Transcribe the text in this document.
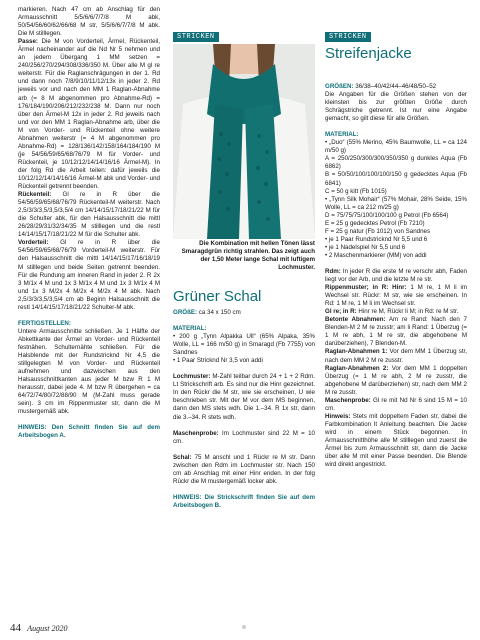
markieren. Nach 47 cm ab Anschlag für den Armausschnitt 5/5/6/6/7/7/8 M abk, 50/54/56/60/62/66/68 M str, 5/5/6/6/7/7/8 M abk. Die M stilllegen.

Passe: Die M von Vorderteil, Ärmel, Rückenteil, Ärmel nacheinander auf die Nd Nr 5 nehmen und an jedem Übergang 1 MM setzen = 240/256/270/294/308/336/350 M. Über alle M gl re weiterstr. Für die Raglanschrägungen in der 1. Rd und dann noch 7/8/9/10/11/12/13x in jeder 2. Rd jeweils vor und nach den MM 1 Raglan-Abnahme arb (= 8 M abgenommen pro Abnahme-Rd) = 176/184/190/206/212/232/238 M. Dann nur noch über den Ärmel-M 12x in jeder 2. Rd jeweils nach und vor den MM 1 Raglan-Abnahme arb, über die M von Vorder- und Rückenteil ohne weitere Abnahmen weiterstr (= 4 M abgenommen pro Abnahme-Rd) = 128/136/142/158/164/184/190 M (je 54/56/59/65/68/76/79 M für Vorder- und Rückenteil, je 10/12/12/14/14/16/16 Ärmel-M). In der folg Rd die Arbeit teilen: dafür jeweils die 10/12/12/14/14/16/16 Ärmel-M abk und Vorder- und Rückenteil getrennt beenden.

Rückenteil: Gl re in R über die 54/56/59/65/68/76/79 Rückenteil-M weiterstr. Nach 2,5/3/3/3,5/3,5/3,5/4 cm 14/14/15/17/18/21/22 M für die Schulter abk, für den Halsausschnitt die mittl 26/28/29/31/32/34/35 M stilllegen und die restl 14/14/15/17/18/21/22 M für die Schulter abk.

Vorderteil: Gl re in R über die 54/56/59/65/68/76/79 Vorderteil-M weiterstr. Für den Halsausschnitt die mittl 14/14/15/17/16/18/19 M stilllegen und beide Seiten getrennt beenden. Für die Rundung am inneren Rand in jeder 2. R 2x 3 M/1x 4 M und 1x 3 M/1x 4 M und 1x 3 M/1x 4 M und 1x 3 M/2x 4 M/2x 4 M/2x 4 M abk. Nach 2,5/3/3/3,5/3,5/4 cm ab Beginn Halsausschnitt die restl 14/14/15/17/18/21/22 Schulter-M abk.

FERTIGSTELLEN:

Untere Armausschnitte schließen. Je 1 Hälfte der Abkettkante der Ärmel an Vorder- und Rückenteil festnähen. Schulternähte schließen. Für die Halsblende mit der Rundstricknd Nr 4,5 die stillgelegten M von Vorder- und Rückenteil aufnehmen und dazwischen aus den Halsausschnittkanten aus jeder M bzw R 1 M herausstr, dabei jede 4. M bzw R übergehen = ca 64/72/74/80/72/88/90 M (M-Zahl muss gerade sein). 3 cm im Rippenmuster str, dann die M mustergemäß abk.

HINWEIS: Den Schnitt finden Sie auf dem Arbeitsbogen A.

STRICKEN
Die Kombination mit hellen Tönen lässt Smaragdgrün richtig strahlen. Das zeigt auch der 1,50 Meter lange Schal mit luftigem Lochmuster.
Grüner Schal

GRÖßE: ca 34 x 150 cm

MATERIAL:

• 200 g „Tynn Alpakka Ull“ (65% Alpaka, 35% Wolle, LL = 166 m/50 g) in Smaragd (Fb 7755) von Sandnes

• 1 Paar Stricknd Nr 3,5 von addi

Lochmuster: M-Zahl teilbar durch 24 + 1 + 2 Rdm. Lt Strickschrift arb. Es sind nur die Hinr gezeichnet. In den Rückr die M str, wie sie erscheinen, U wie beschrieben str. Mit der M vor dem MS beginnen, dann den MS stets wdh. Die 1.–34. R 1x str, dann die 3.–34. R stets wdh.

Maschenprobe: Im Lochmuster sind 22 M = 10 cm.

Schal: 75 M anschl und 1 Rückr re M str. Dann zwischen den Rdm im Lochmuster str. Nach 150 cm ab Anschlag mit einer Hinr enden. In der folg Rückr die M mustergemäß locker abk.

HINWEIS: Die Strickschrift finden Sie auf dem Arbeitsbogen B.

STRICKEN
Streifenjacke

GRÖßEN: 36/38–40/42/44–46/48/50–52

Die Angaben für die Größen stehen von der kleinsten bis zur größten Größe durch Schrägstriche getrennt. Ist nur eine Angabe gemacht, so gilt diese für alle Größen.

MATERIAL:

• „Duo“ (55% Merino, 45% Baumwolle, LL = ca 124 m/50 g)

A = 250/250/300/300/350/350 g dunkles Aqua (Fb 6862)

B = 50/50/100/100/100/150 g gedecktes Aqua (Fb 6841)

C = 50 g kitt (Fb 1015)

• „Tynn Silk Mohair“ (57% Mohair, 28% Seide, 15% Wolle, LL = ca 212 m/25 g)

D = 75/75/75/100/100/100 g Petrol (Fb 6564)

E = 25 g gedecktes Petrol (Fb 7210)

F = 25 g natur (Fb 1012) von Sandnes

• je 1 Paar Rundstricknd Nr 5,5 und 6

• je 1 Nadelspiel Nr 5,5 und 6

• 2 Maschenmarkierer (MM) von addi

Rdm: In jeder R die erste M re verschr abh, Faden liegt vor der Arb, und die letzte M re str.

Rippenmuster; in R: Hinr: 1 M re, 1 M li im Wechsel str. Rückr: M str, wie sie erscheinen. In Rd: 1 M re, 1 M li im Wechsel str.

Gl re; in R: Hinr re M, Rückr li M; in Rd: re M str.

Betonte Abnahmen: Am re Rand: Nach den 7 Blenden-M 2 M re zusstr; am li Rand: 1 Überzug (= 1 M re abh, 1 M re str, die abgehobene M darüberziehen), 7 Blenden-M.

Raglan-Abnahmen 1: Vor dem MM 1 Überzug str, nach dem MM 2 M re zusstr.

Raglan-Abnahmen 2: Vor dem MM 1 doppelten Überzug (= 1 M re abh, 2 M re zusstr, die abgehobene M darüberziehen) str, nach dem MM 2 M re zusstr.

Maschenprobe: Gl re mit Nd Nr 6 sind 15 M = 10 cm.

Hinweis: Stets mit doppeltem Faden str, dabei die Farbkombination lt Anleitung beachten. Die Jacke wird in einem Stück begonnen. In Armausschnitthöhe alle M stilllegen und zuerst die Ärmel bis zum Armausschnitt str, dann die Jacke über alle M mit einer Passe beenden. Die Blende wird direkt angestrickt.

44 August 2020
